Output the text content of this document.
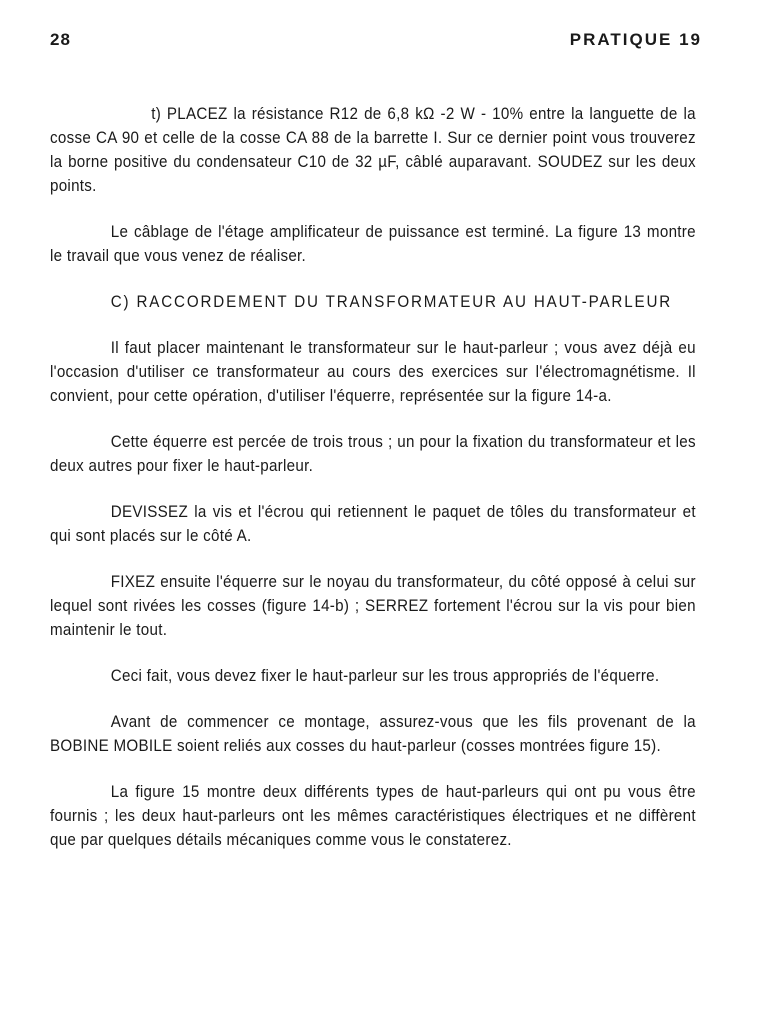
28	PRATIQUE 19

t) PLACEZ la résistance R12 de 6,8 kΩ -2 W - 10% entre la languette de la cosse CA 90 et celle de la cosse CA 88 de la barrette I. Sur ce dernier point vous trouverez la borne positive du condensateur C10 de 32 µF, câblé auparavant. SOUDEZ sur les deux points.

Le câblage de l'étage amplificateur de puissance est terminé. La figure 13 montre le travail que vous venez de réaliser.

C) RACCORDEMENT DU TRANSFORMATEUR AU HAUT-PARLEUR

Il faut placer maintenant le transformateur sur le haut-parleur ; vous avez déjà eu l'occasion d'utiliser ce transformateur au cours des exercices sur l'électromagnétisme. Il convient, pour cette opération, d'utiliser l'équerre, représentée sur la figure 14-a.

Cette équerre est percée de trois trous ; un pour la fixation du transformateur et les deux autres pour fixer le haut-parleur.

DEVISSEZ la vis et l'écrou qui retiennent le paquet de tôles du transformateur et qui sont placés sur le côté A.

FIXEZ ensuite l'équerre sur le noyau du transformateur, du côté opposé à celui sur lequel sont rivées les cosses (figure 14-b) ; SERREZ fortement l'écrou sur la vis pour bien maintenir le tout.

Ceci fait, vous devez fixer le haut-parleur sur les trous appropriés de l'équerre.

Avant de commencer ce montage, assurez-vous que les fils provenant de la BOBINE MOBILE soient reliés aux cosses du haut-parleur (cosses montrées figure 15).

La figure 15 montre deux différents types de haut-parleurs qui ont pu vous être fournis ; les deux haut-parleurs ont les mêmes caractéristiques électriques et ne diffèrent que par quelques détails mécaniques comme vous le constaterez.
